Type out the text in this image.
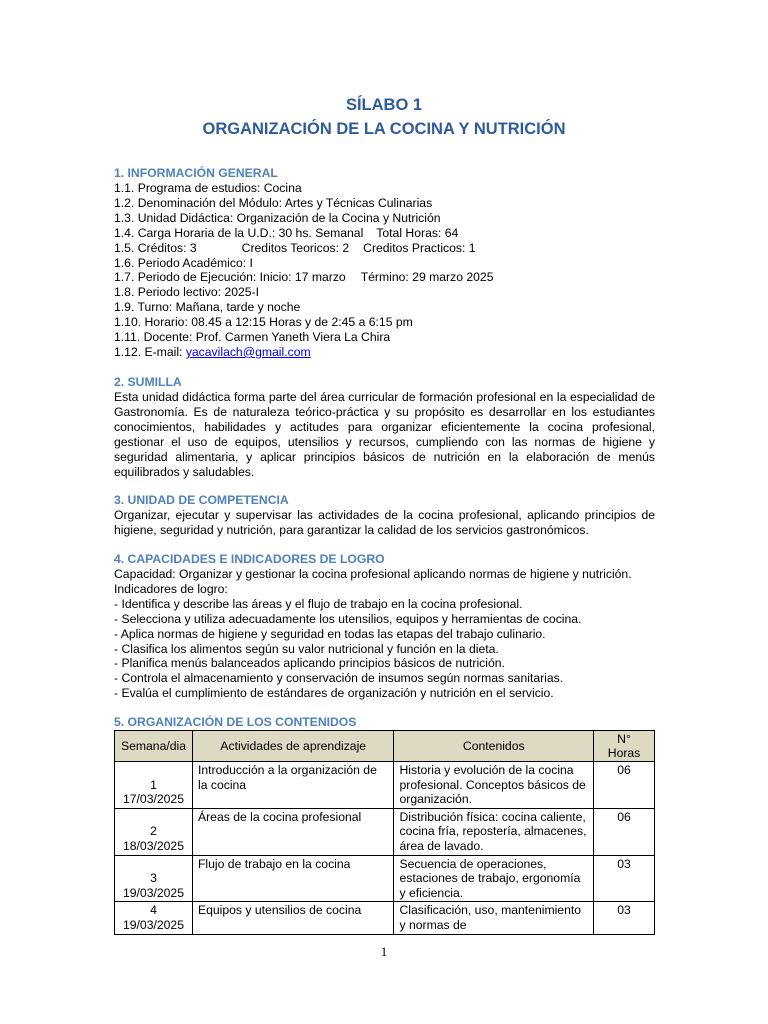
SÍLABO 1
ORGANIZACIÓN DE LA COCINA Y NUTRICIÓN
1. INFORMACIÓN GENERAL
1.1. Programa de estudios: Cocina
1.2. Denominación del Módulo: Artes y Técnicas Culinarias
1.3. Unidad Didáctica: Organización de la Cocina y Nutrición
1.4. Carga Horaria de la U.D.: 30 hs. Semanal Total Horas: 64
1.5. Créditos: 3	Creditos Teoricos: 2 Creditos Practicos: 1
1.6. Periodo Académico: I
1.7. Periodo de Ejecución: Inicio: 17 marzo Término: 29 marzo 2025
1.8. Periodo lectivo: 2025-I
1.9. Turno: Mañana, tarde y noche
1.10. Horario: 08.45 a 12:15 Horas y de 2:45 a 6:15 pm
1.11. Docente: Prof. Carmen Yaneth Viera La Chira
1.12. E-mail: yacavilach@gmail.com
2. SUMILLA
Esta unidad didáctica forma parte del área curricular de formación profesional en la especialidad de Gastronomía. Es de naturaleza teórico-práctica y su propósito es desarrollar en los estudiantes conocimientos, habilidades y actitudes para organizar eficientemente la cocina profesional, gestionar el uso de equipos, utensilios y recursos, cumpliendo con las normas de higiene y seguridad alimentaria, y aplicar principios básicos de nutrición en la elaboración de menús equilibrados y saludables.
3. UNIDAD DE COMPETENCIA
Organizar, ejecutar y supervisar las actividades de la cocina profesional, aplicando principios de higiene, seguridad y nutrición, para garantizar la calidad de los servicios gastronómicos.
4. CAPACIDADES E INDICADORES DE LOGRO
Capacidad: Organizar y gestionar la cocina profesional aplicando normas de higiene y nutrición.
Indicadores de logro:
- Identifica y describe las áreas y el flujo de trabajo en la cocina profesional.
- Selecciona y utiliza adecuadamente los utensilios, equipos y herramientas de cocina.
- Aplica normas de higiene y seguridad en todas las etapas del trabajo culinario.
- Clasifica los alimentos según su valor nutricional y función en la dieta.
- Planifica menús balanceados aplicando principios básicos de nutrición.
- Controla el almacenamiento y conservación de insumos según normas sanitarias.
- Evalúa el cumplimiento de estándares de organización y nutrición en el servicio.
5. ORGANIZACIÓN DE LOS CONTENIDOS
Semana/dia	Actividades de aprendizaje	Contenidos	N°
Horas

1
17/03/2025	Introducción a la organización de la cocina	Historia y evolución de la cocina profesional. Conceptos básicos de organización.	06

2
18/03/2025	Áreas de la cocina profesional	Distribución física: cocina caliente, cocina fría, repostería, almacenes, área de lavado.	06

3
19/03/2025	Flujo de trabajo en la cocina	Secuencia de operaciones, estaciones de trabajo, ergonomía y eficiencia.	03

4
19/03/2025	Equipos y utensilios de cocina	Clasificación, uso, mantenimiento y normas de	03
1
